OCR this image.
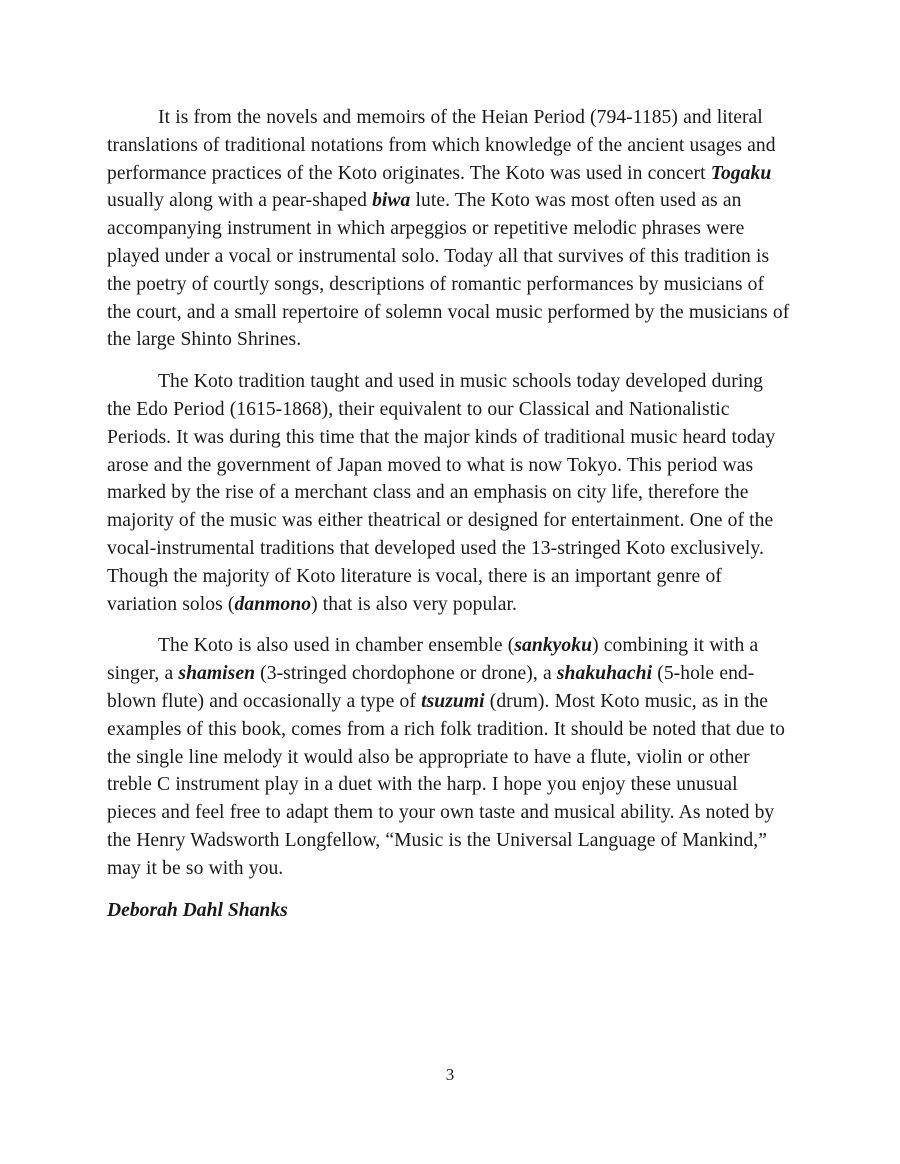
It is from the novels and memoirs of the Heian Period (794-1185) and literal translations of traditional notations from which knowledge of the ancient usages and performance practices of the Koto originates. The Koto was used in concert Togaku usually along with a pear-shaped biwa lute. The Koto was most often used as an accompanying instrument in which arpeggios or repetitive melodic phrases were played under a vocal or instrumental solo. Today all that survives of this tradition is the poetry of courtly songs, descriptions of romantic performances by musicians of the court, and a small repertoire of solemn vocal music performed by the musicians of the large Shinto Shrines.

The Koto tradition taught and used in music schools today developed during the Edo Period (1615-1868), their equivalent to our Classical and Nationalistic Periods. It was during this time that the major kinds of traditional music heard today arose and the government of Japan moved to what is now Tokyo. This period was marked by the rise of a merchant class and an emphasis on city life, therefore the majority of the music was either theatrical or designed for entertainment. One of the vocal-instrumental traditions that developed used the 13-stringed Koto exclusively. Though the majority of Koto literature is vocal, there is an important genre of variation solos (danmono) that is also very popular.

The Koto is also used in chamber ensemble (sankyoku) combining it with a singer, a shamisen (3-stringed chordophone or drone), a shakuhachi (5-hole end-blown flute) and occasionally a type of tsuzumi (drum). Most Koto music, as in the examples of this book, comes from a rich folk tradition. It should be noted that due to the single line melody it would also be appropriate to have a flute, violin or other treble C instrument play in a duet with the harp. I hope you enjoy these unusual pieces and feel free to adapt them to your own taste and musical ability. As noted by the Henry Wadsworth Longfellow, “Music is the Universal Language of Mankind,” may it be so with you.

Deborah Dahl Shanks

3
